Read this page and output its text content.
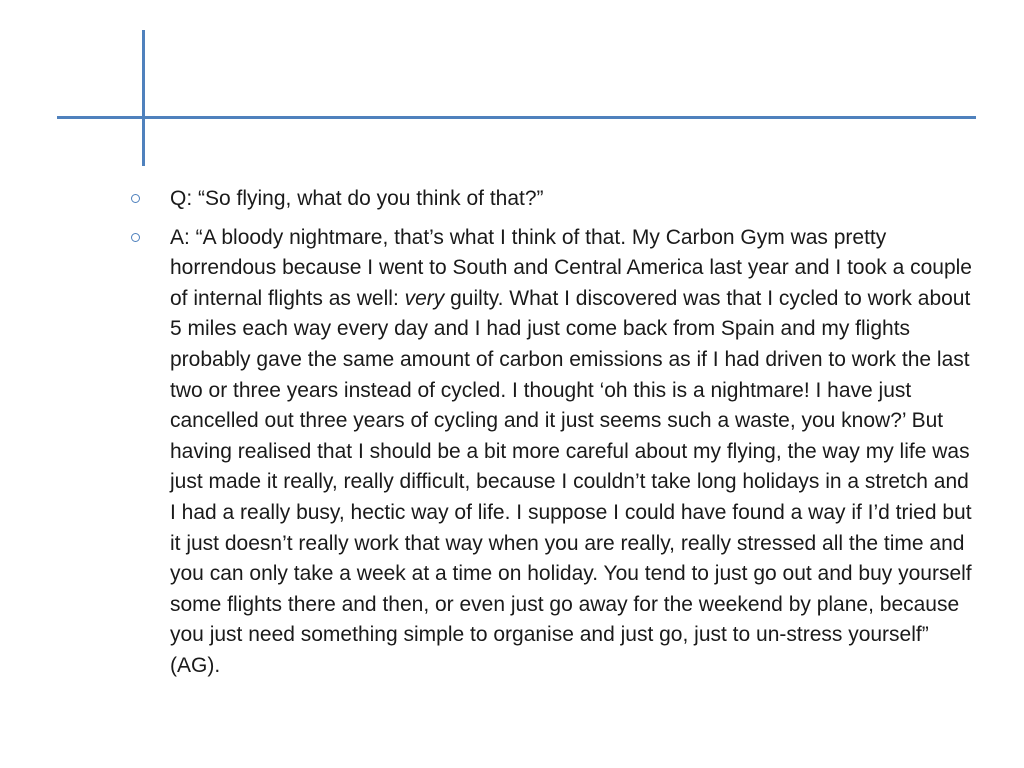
Q: “So flying, what do you think of that?”
A: “A bloody nightmare, that’s what I think of that. My Carbon Gym was pretty horrendous because I went to South and Central America last year and I took a couple of internal flights as well: very guilty. What I discovered was that I cycled to work about 5 miles each way every day and I had just come back from Spain and my flights probably gave the same amount of carbon emissions as if I had driven to work the last two or three years instead of cycled. I thought ‘oh this is a nightmare! I have just cancelled out three years of cycling and it just seems such a waste, you know?’ But having realised that I should be a bit more careful about my flying, the way my life was just made it really, really difficult, because I couldn’t take long holidays in a stretch and I had a really busy, hectic way of life. I suppose I could have found a way if I’d tried but it just doesn’t really work that way when you are really, really stressed all the time and you can only take a week at a time on holiday. You tend to just go out and buy yourself some flights there and then, or even just go away for the weekend by plane, because you just need something simple to organise and just go, just to un-stress yourself” (AG).
